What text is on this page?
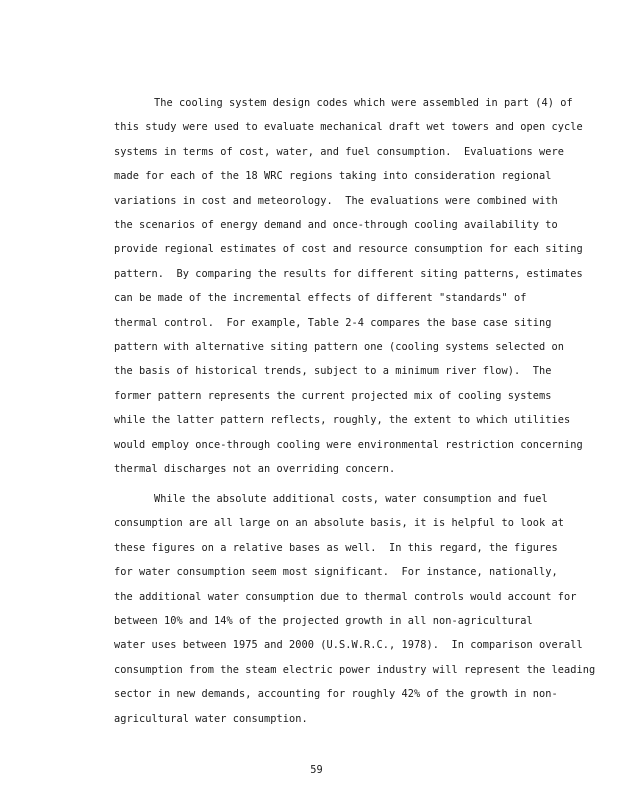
The cooling system design codes which were assembled in part (4) of
this study were used to evaluate mechanical draft wet towers and open cycle
systems in terms of cost, water, and fuel consumption.  Evaluations were
made for each of the 18 WRC regions taking into consideration regional
variations in cost and meteorology.  The evaluations were combined with
the scenarios of energy demand and once-through cooling availability to
provide regional estimates of cost and resource consumption for each siting
pattern.  By comparing the results for different siting patterns, estimates
can be made of the incremental effects of different "standards" of
thermal control.  For example, Table 2-4 compares the base case siting
pattern with alternative siting pattern one (cooling systems selected on
the basis of historical trends, subject to a minimum river flow).  The
former pattern represents the current projected mix of cooling systems
while the latter pattern reflects, roughly, the extent to which utilities
would employ once-through cooling were environmental restriction concerning
thermal discharges not an overriding concern.
While the absolute additional costs, water consumption and fuel
consumption are all large on an absolute basis, it is helpful to look at
these figures on a relative bases as well.  In this regard, the figures
for water consumption seem most significant.  For instance, nationally,
the additional water consumption due to thermal controls would account for
between 10% and 14% of the projected growth in all non-agricultural
water uses between 1975 and 2000 (U.S.W.R.C., 1978).  In comparison overall
consumption from the steam electric power industry will represent the leading
sector in new demands, accounting for roughly 42% of the growth in non-
agricultural water consumption.
59
